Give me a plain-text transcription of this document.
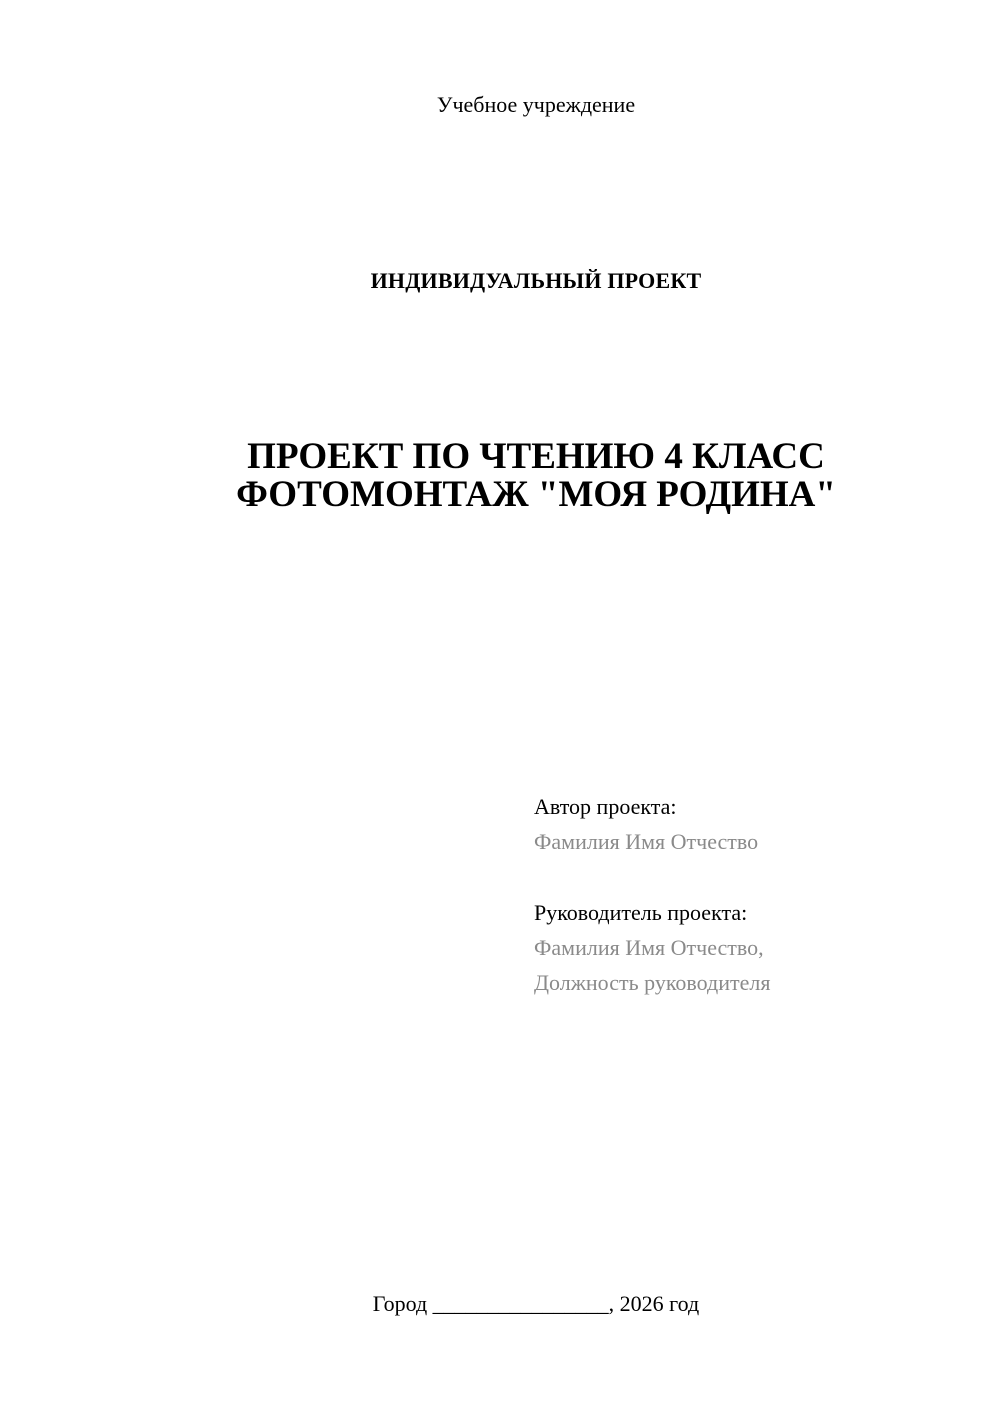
Учебное учреждение
ИНДИВИДУАЛЬНЫЙ ПРОЕКТ
ПРОЕКТ ПО ЧТЕНИЮ 4 КЛАСС
ФОТОМОНТАЖ "МОЯ РОДИНА"
Автор проекта:
Фамилия Имя Отчество
Руководитель проекта:
Фамилия Имя Отчество,
Должность руководителя
Город ________________, 2026 год
